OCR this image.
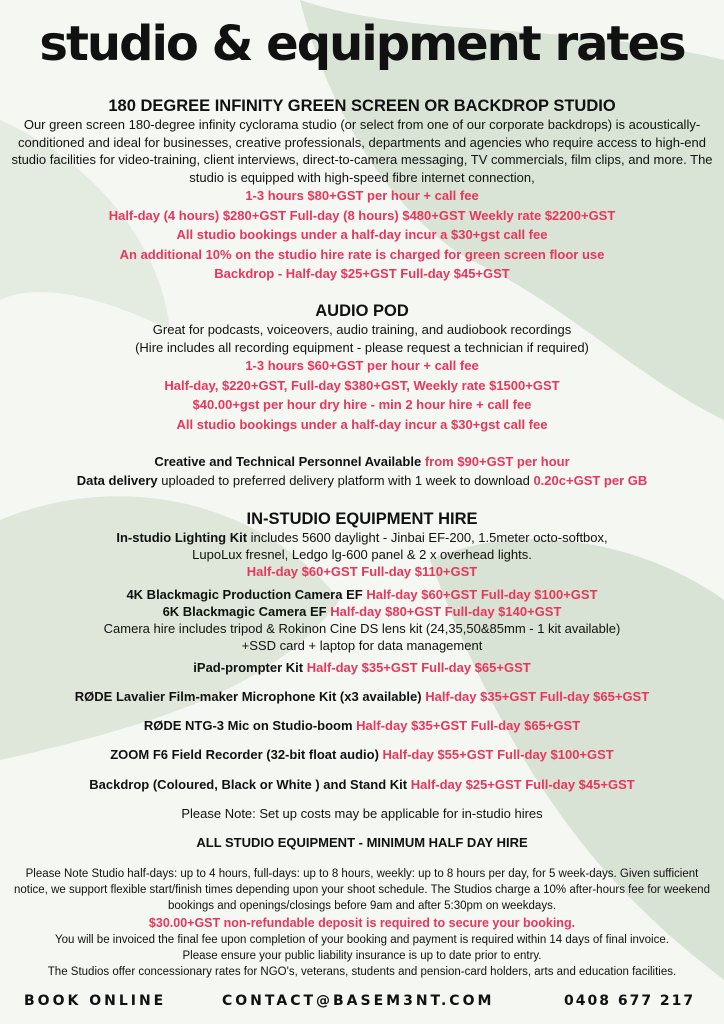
studio & equipment rates
180 DEGREE INFINITY GREEN SCREEN OR BACKDROP STUDIO
Our green screen 180-degree infinity cyclorama studio (or select from one of our corporate backdrops) is acoustically-conditioned and ideal for businesses, creative professionals, departments and agencies who require access to high-end studio facilities for video-training, client interviews, direct-to-camera messaging, TV commercials, film clips, and more. The studio is equipped with high-speed fibre internet connection,
1-3 hours $80+GST per hour + call fee
Half-day (4 hours) $280+GST Full-day (8 hours) $480+GST Weekly rate $2200+GST
All studio bookings under a half-day incur a $30+gst call fee
An additional 10% on the studio hire rate is charged for green screen floor use
Backdrop - Half-day $25+GST Full-day $45+GST
AUDIO POD
Great for podcasts, voiceovers, audio training, and audiobook recordings
(Hire includes all recording equipment - please request a technician if required)
1-3 hours $60+GST per hour + call fee
Half-day, $220+GST, Full-day $380+GST, Weekly rate $1500+GST
$40.00+gst per hour dry hire - min 2 hour hire + call fee
All studio bookings under a half-day incur a $30+gst call fee
Creative and Technical Personnel Available from $90+GST per hour
Data delivery uploaded to preferred delivery platform with 1 week to download 0.20c+GST per GB
IN-STUDIO EQUIPMENT HIRE
In-studio Lighting Kit includes 5600 daylight - Jinbai EF-200, 1.5meter octo-softbox,
LupoLux fresnel, Ledgo lg-600 panel & 2 x overhead lights.
Half-day $60+GST Full-day $110+GST
4K Blackmagic Production Camera EF Half-day $60+GST Full-day $100+GST
6K Blackmagic Camera EF Half-day $80+GST Full-day $140+GST
Camera hire includes tripod & Rokinon Cine DS lens kit (24,35,50&85mm - 1 kit available)
+SSD card + laptop for data management
iPad-prompter Kit Half-day $35+GST Full-day $65+GST
RØDE Lavalier Film-maker Microphone Kit (x3 available) Half-day $35+GST Full-day $65+GST
RØDE NTG-3 Mic on Studio-boom Half-day $35+GST Full-day $65+GST
ZOOM F6 Field Recorder (32-bit float audio) Half-day $55+GST Full-day $100+GST
Backdrop (Coloured, Black or White ) and Stand Kit Half-day $25+GST Full-day $45+GST
Please Note: Set up costs may be applicable for in-studio hires
ALL STUDIO EQUIPMENT - MINIMUM HALF DAY HIRE
Please Note Studio half-days: up to 4 hours, full-days: up to 8 hours, weekly: up to 8 hours per day, for 5 week-days. Given sufficient notice, we support flexible start/finish times depending upon your shoot schedule. The Studios charge a 10% after-hours fee for weekend bookings and openings/closings before 9am and after 5:30pm on weekdays.
$30.00+GST non-refundable deposit is required to secure your booking.
You will be invoiced the final fee upon completion of your booking and payment is required within 14 days of final invoice.
Please ensure your public liability insurance is up to date prior to entry.
The Studios offer concessionary rates for NGO's, veterans, students and pension-card holders, arts and education facilities.
BOOK ONLINE	CONTACT@BASEM3NT.COM	0408 677 217
